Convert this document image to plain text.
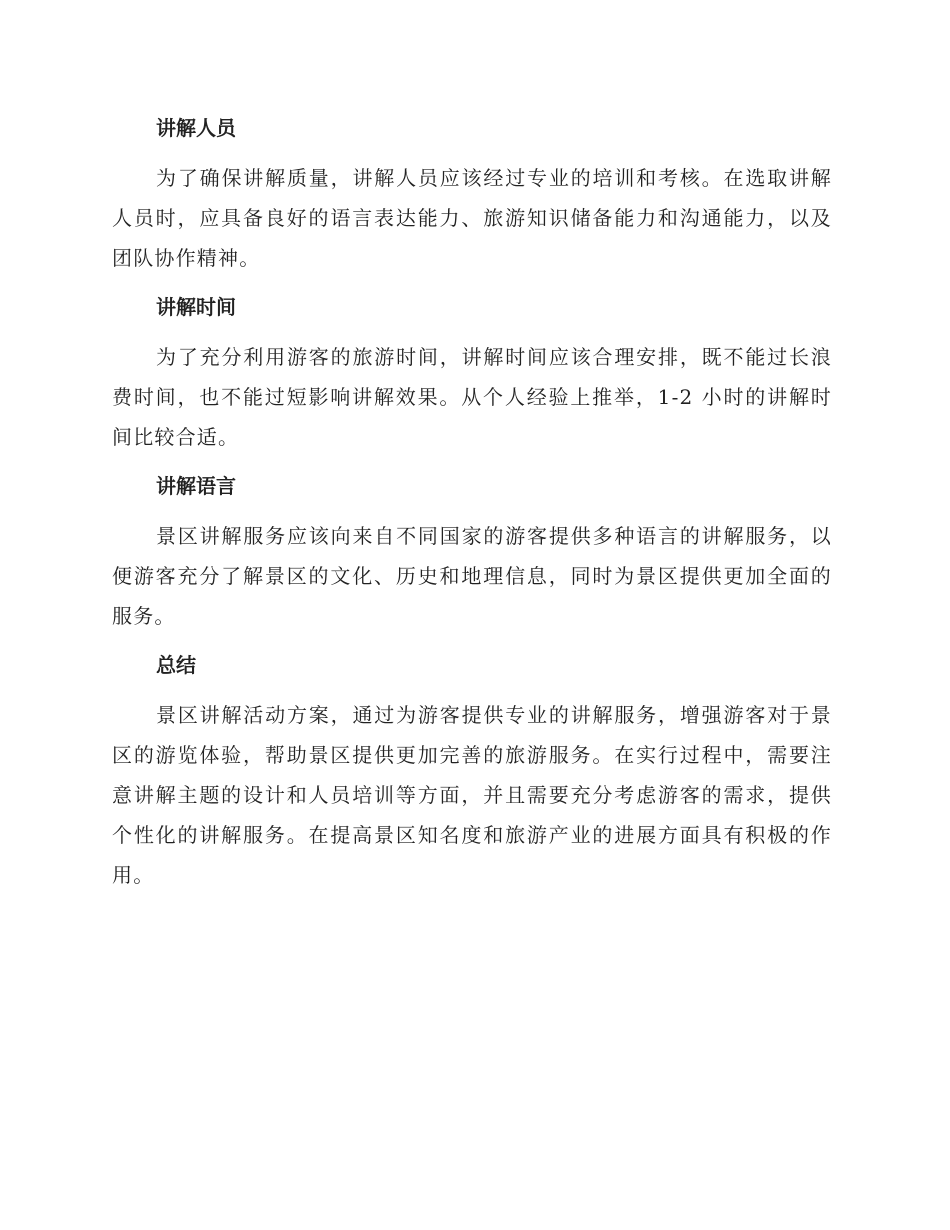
讲解人员

为了确保讲解质量，讲解人员应该经过专业的培训和考核。在选取讲解人员时，应具备良好的语言表达能力、旅游知识储备能力和沟通能力，以及团队协作精神。

讲解时间

为了充分利用游客的旅游时间，讲解时间应该合理安排，既不能过长浪费时间，也不能过短影响讲解效果。从个人经验上推举，1-2 小时的讲解时间比较合适。

讲解语言

景区讲解服务应该向来自不同国家的游客提供多种语言的讲解服务，以便游客充分了解景区的文化、历史和地理信息，同时为景区提供更加全面的服务。

总结

景区讲解活动方案，通过为游客提供专业的讲解服务，增强游客对于景区的游览体验，帮助景区提供更加完善的旅游服务。在实行过程中，需要注意讲解主题的设计和人员培训等方面，并且需要充分考虑游客的需求，提供个性化的讲解服务。在提高景区知名度和旅游产业的进展方面具有积极的作用。
